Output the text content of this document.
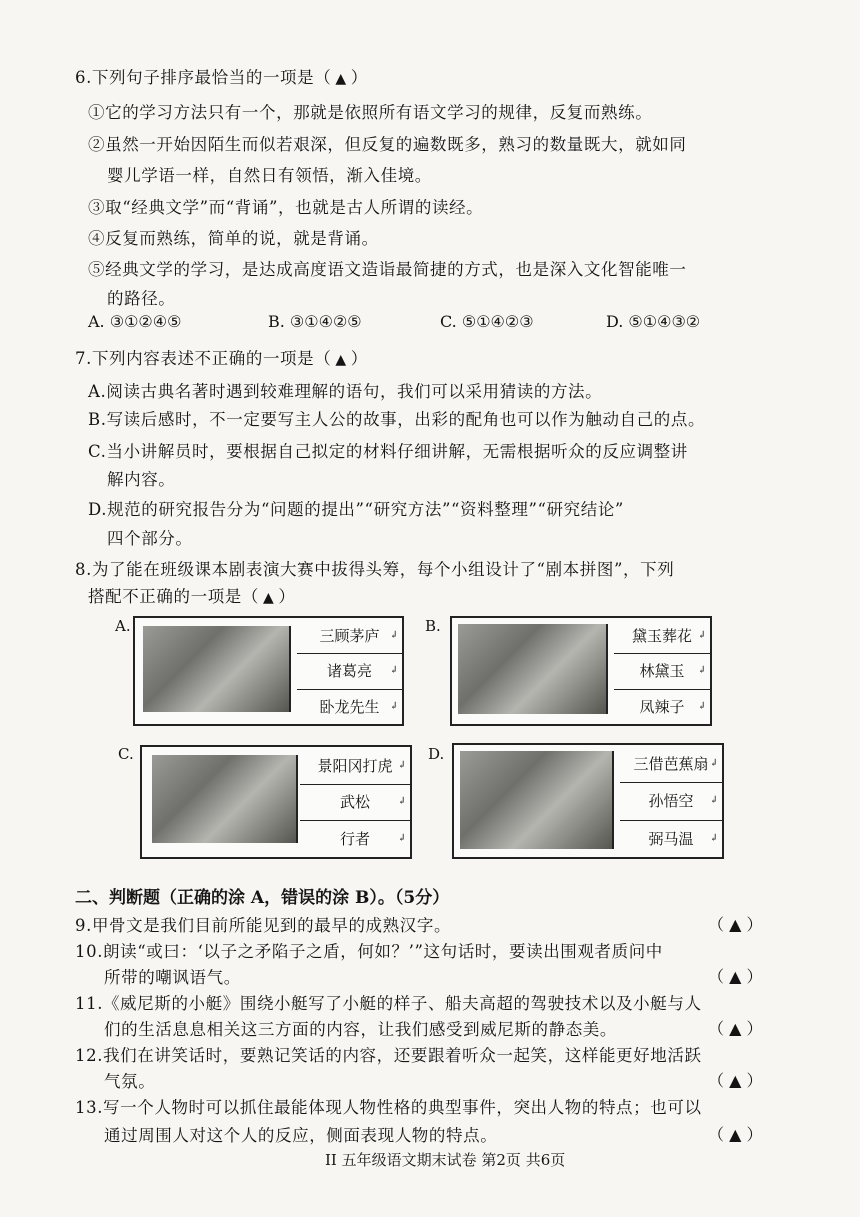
6.下列句子排序最恰当的一项是（ ▲ ）
①它的学习方法只有一个，那就是依照所有语文学习的规律，反复而熟练。
②虽然一开始因陌生而似若艰深，但反复的遍数既多，熟习的数量既大，就如同
婴儿学语一样，自然日有领悟，渐入佳境。
③取“经典文学”而“背诵”，也就是古人所谓的读经。
④反复而熟练，简单的说，就是背诵。
⑤经典文学的学习，是达成高度语文造诣最简捷的方式，也是深入文化智能唯一
的路径。
A. ③①②④⑤	B. ③①④②⑤	C. ⑤①④②③	D. ⑤①④③②
7.下列内容表述不正确的一项是（ ▲ ）
A.阅读古典名著时遇到较难理解的语句，我们可以采用猜读的方法。
B.写读后感时，不一定要写主人公的故事，出彩的配角也可以作为触动自己的点。
C.当小讲解员时，要根据自己拟定的材料仔细讲解，无需根据听众的反应调整讲
解内容。
D.规范的研究报告分为“问题的提出”“研究方法”“资料整理”“研究结论”
四个部分。
8.为了能在班级课本剧表演大赛中拔得头筹，每个小组设计了“剧本拼图”，下列
搭配不正确的一项是（ ▲ ）
A.
三顾茅庐 ↲
诸葛亮 ↲
卧龙先生 ↲
B.
黛玉葬花 ↲
林黛玉 ↲
凤辣子 ↲
C.
景阳冈打虎 ↲
武松	↲
行者	↲
D.
三借芭蕉扇 ↲
孙悟空 ↲
弼马温 ↲
二、判断题（正确的涂 A，错误的涂 B）。（5分）
9.甲骨文是我们目前所能见到的最早的成熟汉字。	（ ▲ ）
10.朗读“或曰：‘以子之矛陷子之盾，何如？’”这句话时，要读出围观者质问中
所带的嘲讽语气。	（ ▲ ）
11.《威尼斯的小艇》围绕小艇写了小艇的样子、船夫高超的驾驶技术以及小艇与人
们的生活息息相关这三方面的内容，让我们感受到威尼斯的静态美。	（ ▲ ）
12.我们在讲笑话时，要熟记笑话的内容，还要跟着听众一起笑，这样能更好地活跃
气氛。	（ ▲ ）
13.写一个人物时可以抓住最能体现人物性格的典型事件，突出人物的特点；也可以
通过周围人对这个人的反应，侧面表现人物的特点。	（ ▲ ）
II 五年级语文期末试卷 第2页 共6页
